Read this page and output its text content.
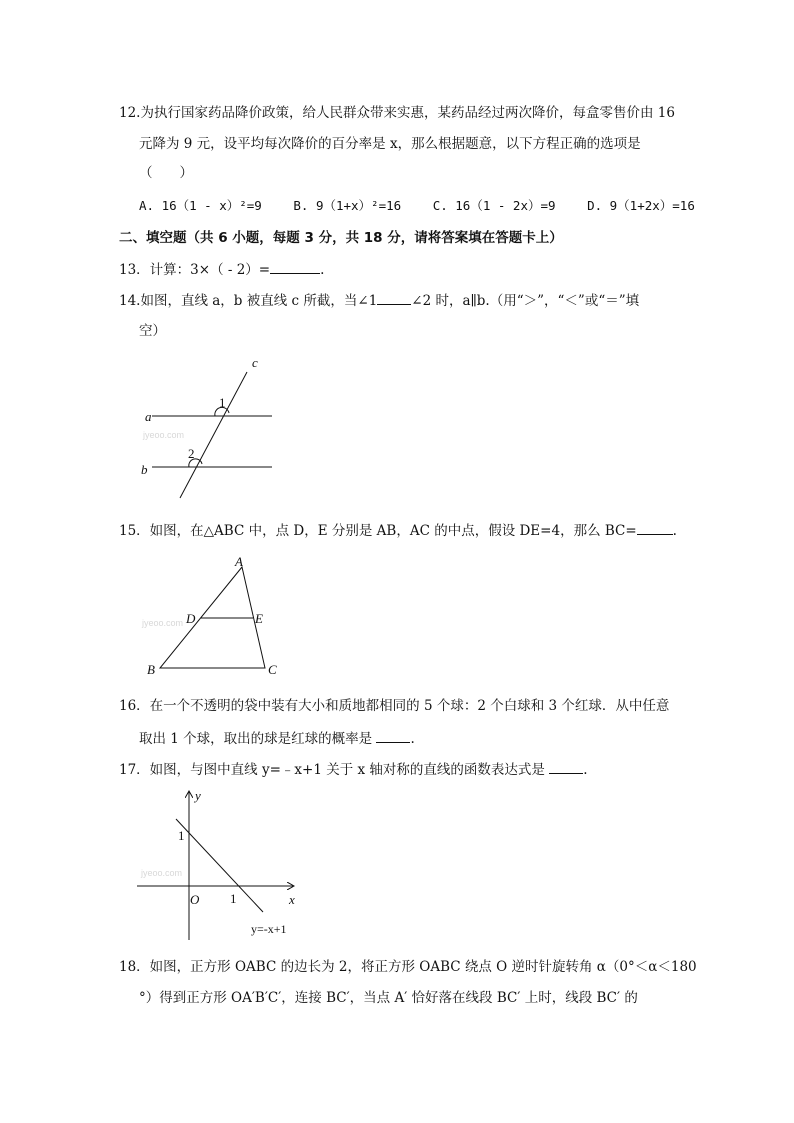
12.为执行国家药品降价政策，给人民群众带来实惠，某药品经过两次降价，每盒零售价由 16
元降为 9 元，设平均每次降价的百分率是 x，那么根据题意，以下方程正确的选项是
（　　）
A. 16（1 - x）²=9	B. 9（1+x）²=16	C. 16（1 - 2x）=9	D. 9（1+2x）=16
二、填空题（共 6 小题，每题 3 分，共 18 分，请将答案填在答题卡上）
13．计算：3×（ - 2）=	.
14.如图，直线 a，b 被直线 c 所截，当∠1	∠2 时，a∥b.（用“＞”，“＜”或“＝”填
空）
c
a
b
1
2
jyeoo.com
15．如图，在△ABC 中，点 D，E 分别是 AB，AC 的中点，假设 DE=4，那么 BC=	.
A
B	C
D	E
jyeoo.com
16．在一个不透明的袋中装有大小和质地都相同的 5 个球：2 个白球和 3 个红球．从中任意
取出 1 个球，取出的球是红球的概率是	.
17．如图，与图中直线 y=﹣x+1 关于 x 轴对称的直线的函数表达式是	.
y
x
O
1
1
y=-x+1
jyeoo.com
18．如图，正方形 OABC 的边长为 2，将正方形 OABC 绕点 O 逆时针旋转角 α（0°＜α＜180
°）得到正方形 OA′B′C′，连接 BC′，当点 A′ 恰好落在线段 BC′ 上时，线段 BC′ 的
